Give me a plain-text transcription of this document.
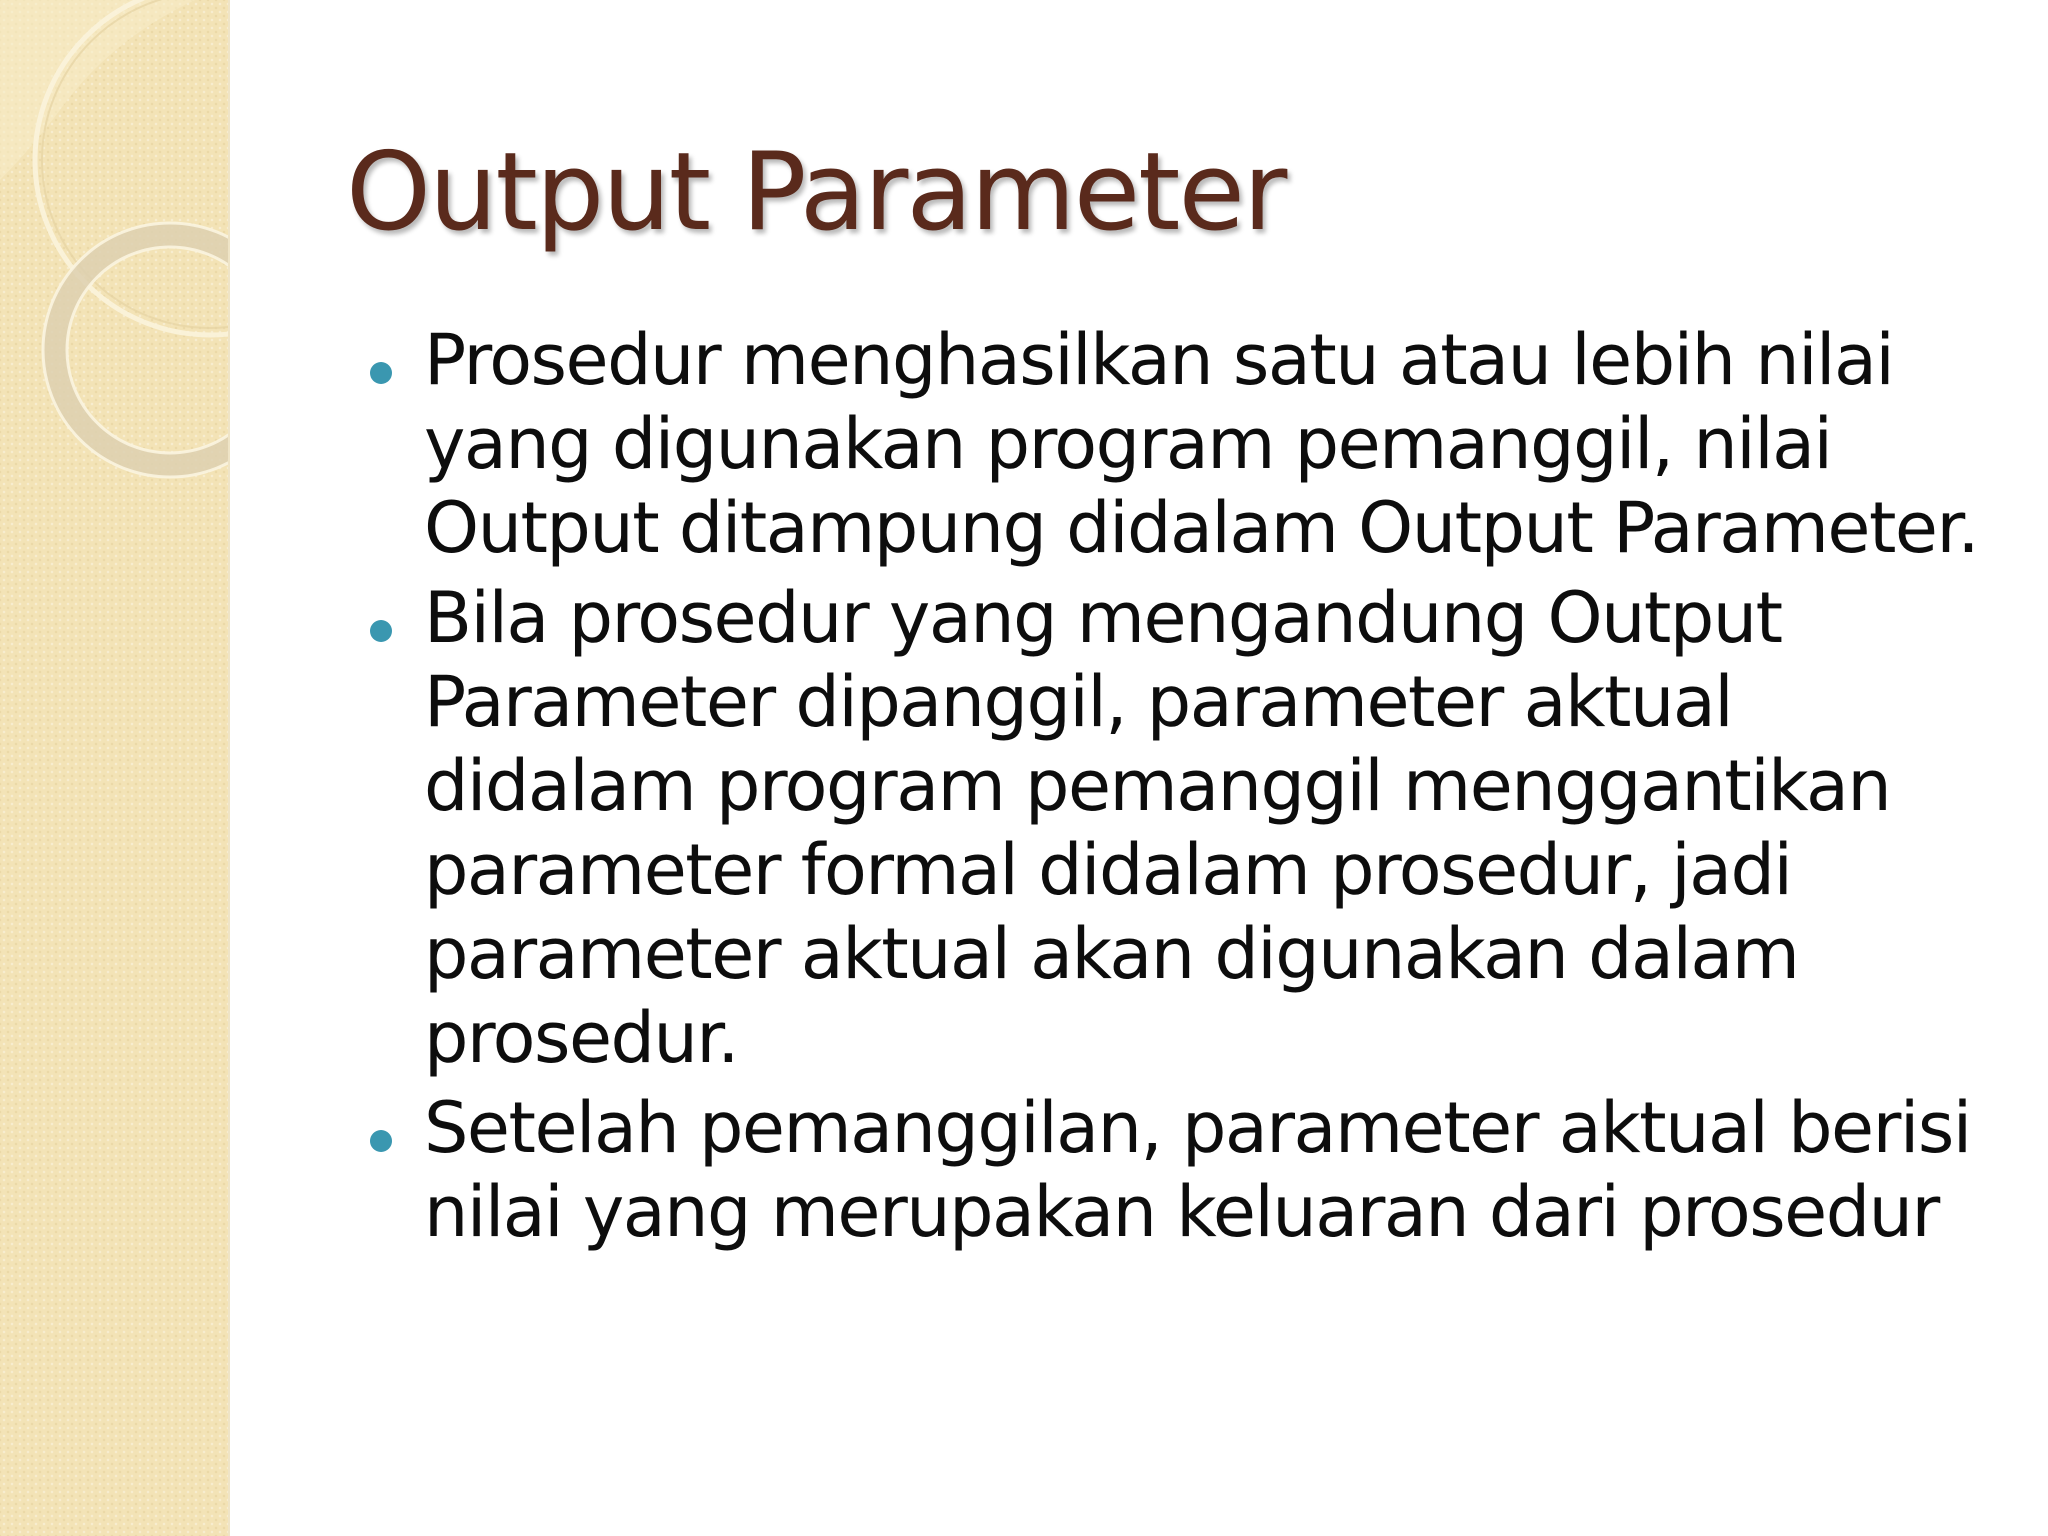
Output Parameter
Prosedur menghasilkan satu atau lebih nilai yang digunakan program pemanggil, nilai Output ditampung didalam Output Parameter.
Bila prosedur yang mengandung Output Parameter dipanggil, parameter aktual didalam program pemanggil menggantikan parameter formal didalam prosedur, jadi parameter aktual akan digunakan dalam prosedur.
Setelah pemanggilan, parameter aktual berisi nilai yang merupakan keluaran dari prosedur
